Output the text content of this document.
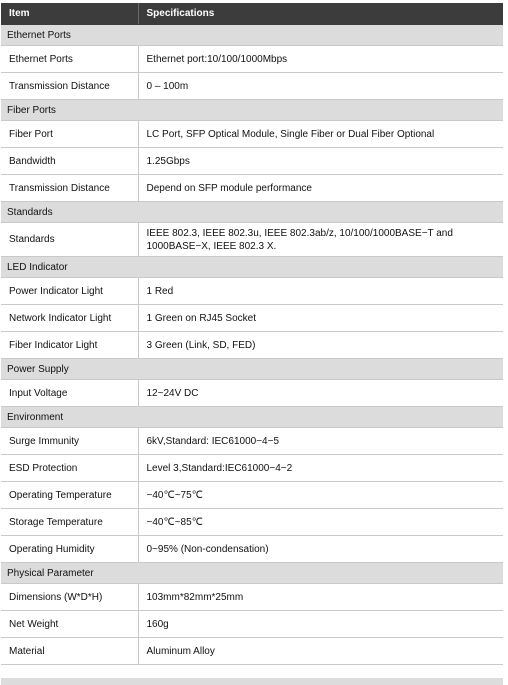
Item	Specifications
Ethernet Ports	
Ethernet Ports	Ethernet port:10/100/1000Mbps
Transmission Distance	0 – 100m
Fiber Ports	
Fiber Port	LC Port, SFP Optical Module, Single Fiber or Dual Fiber Optional
Bandwidth	1.25Gbps
Transmission Distance	Depend on SFP module performance
Standards	
Standards	IEEE 802.3, IEEE 802.3u, IEEE 802.3ab/z, 10/100/1000BASE−T and 1000BASE−X, IEEE 802.3 X.
LED Indicator	
Power Indicator Light	1 Red
Network Indicator Light	1 Green on RJ45 Socket
Fiber Indicator Light	3 Green (Link, SD, FED)
Power Supply	
Input Voltage	12~24V DC
Environment	
Surge Immunity	6kV,Standard: IEC61000−4−5
ESD Protection	Level 3,Standard:IEC61000−4−2
Operating Temperature	−40℃~75℃
Storage Temperature	−40℃~85℃
Operating Humidity	0~95% (Non-condensation)
Physical Parameter	
Dimensions (W*D*H)	103mm*82mm*25mm
Net Weight	160g
Material	Aluminum Alloy
